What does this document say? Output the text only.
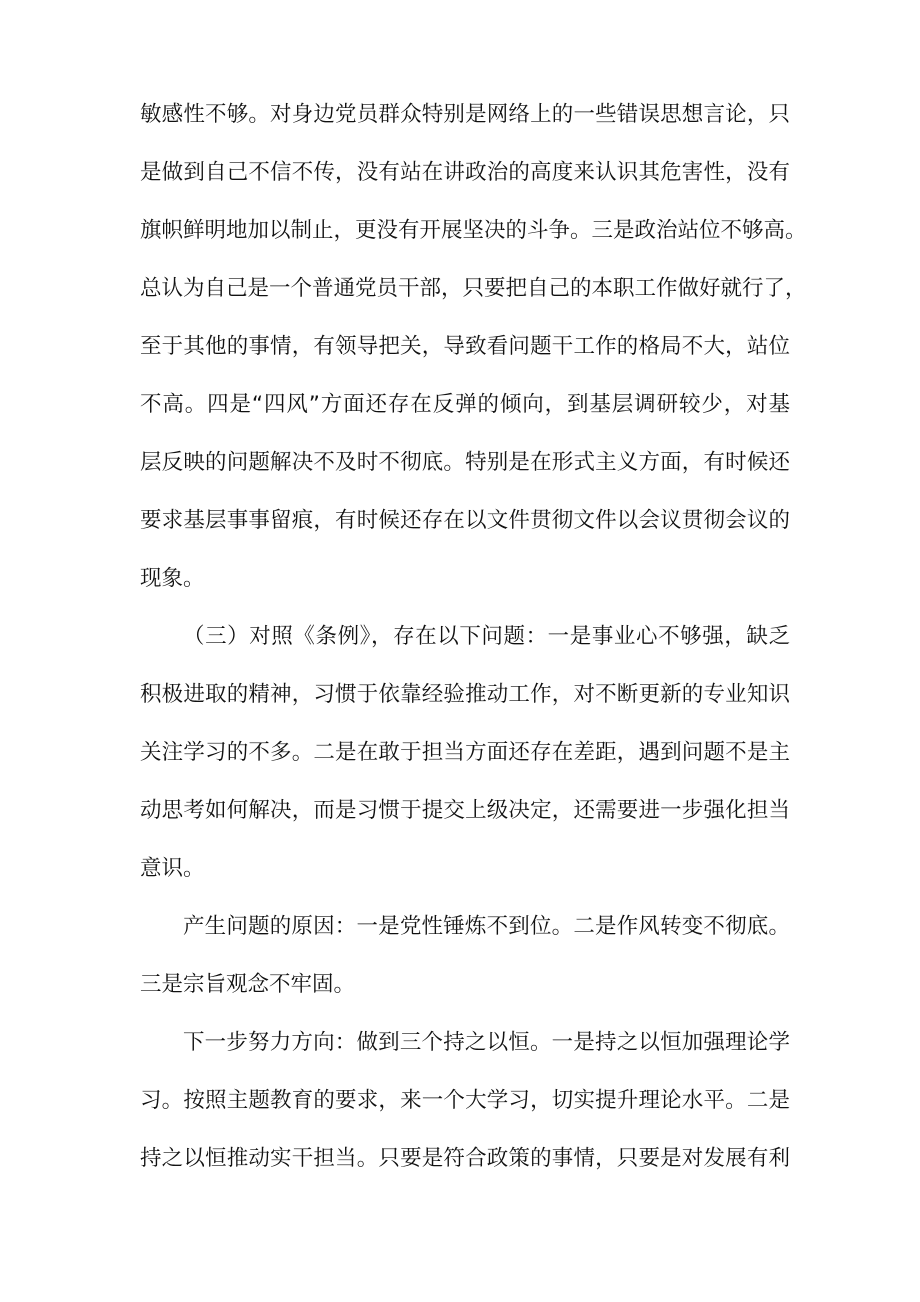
敏感性不够。对身边党员群众特别是网络上的一些错误思想言论，只
是做到自己不信不传，没有站在讲政治的高度来认识其危害性，没有
旗帜鲜明地加以制止，更没有开展坚决的斗争。三是政治站位不够高。
总认为自己是一个普通党员干部，只要把自己的本职工作做好就行了，
至于其他的事情，有领导把关，导致看问题干工作的格局不大，站位
不高。四是“四风”方面还存在反弹的倾向，到基层调研较少，对基
层反映的问题解决不及时不彻底。特别是在形式主义方面，有时候还
要求基层事事留痕，有时候还存在以文件贯彻文件以会议贯彻会议的
现象。
（三）对照《条例》，存在以下问题：一是事业心不够强，缺乏
积极进取的精神，习惯于依靠经验推动工作，对不断更新的专业知识
关注学习的不多。二是在敢于担当方面还存在差距，遇到问题不是主
动思考如何解决，而是习惯于提交上级决定，还需要进一步强化担当
意识。
产生问题的原因：一是党性锤炼不到位。二是作风转变不彻底。
三是宗旨观念不牢固。
下一步努力方向：做到三个持之以恒。一是持之以恒加强理论学
习。按照主题教育的要求，来一个大学习，切实提升理论水平。二是
持之以恒推动实干担当。只要是符合政策的事情，只要是对发展有利
